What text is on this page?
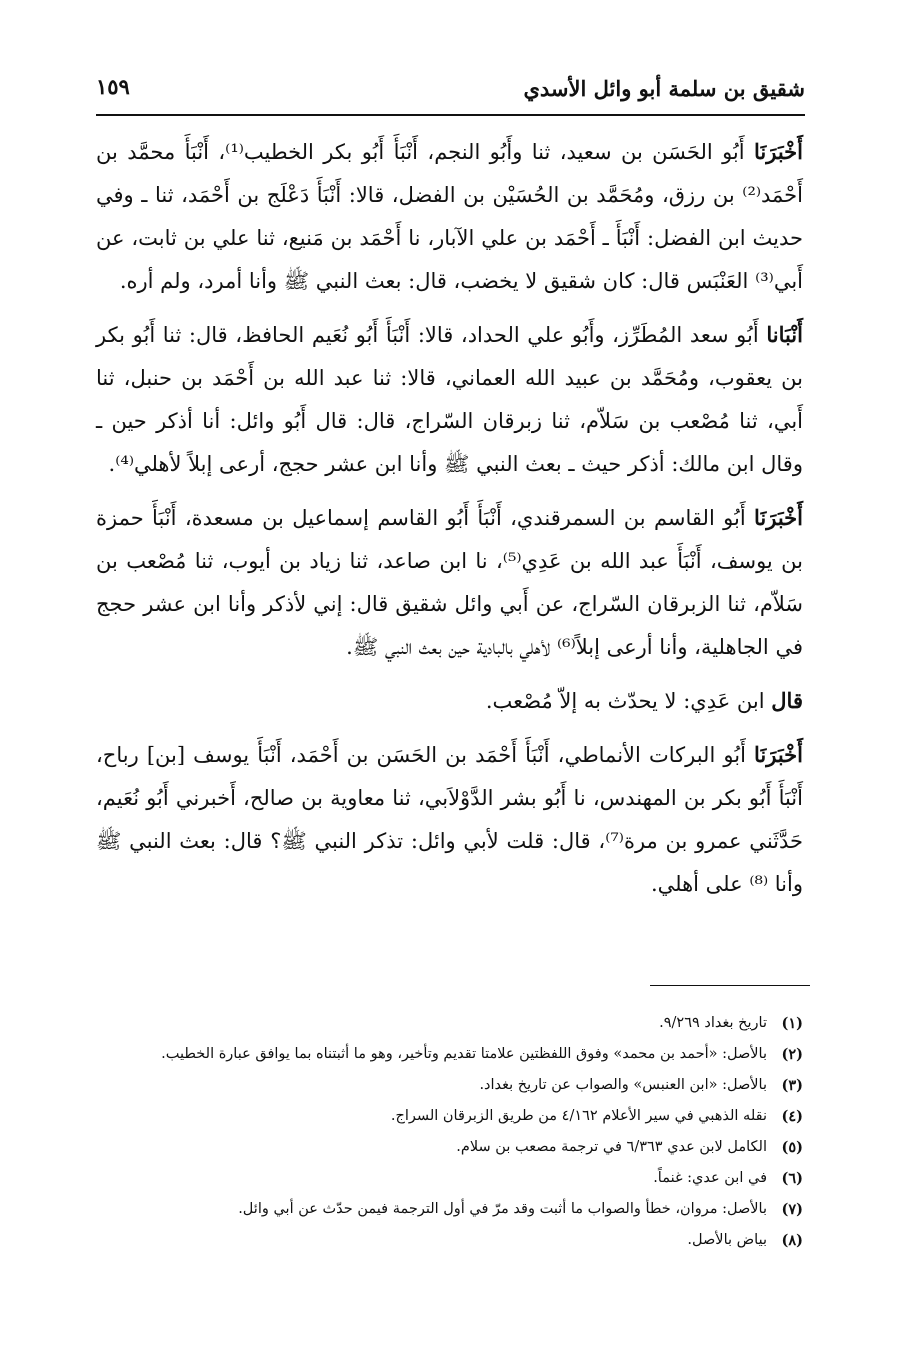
شقيق بن سلمة أبو وائل الأسدي
١٥٩

أَخْبَرَنَا أَبُو الحَسَن بن سعيد، ثنا وأَبُو النجم، أَنْبَأَ أَبُو بكر الخطيب⁽¹⁾، أَنْبَأَ محمَّد بن أَحْمَد⁽²⁾ بن رزق، ومُحَمَّد بن الحُسَيْن بن الفضل، قالا: أَنْبَأَ دَعْلَج بن أَحْمَد، ثنا ـ وفي حديث ابن الفضل: أَنْبَأَ ـ أَحْمَد بن علي الآبار، نا أَحْمَد بن مَنيع، ثنا علي بن ثابت، عن أَبي⁽³⁾ العَنْبَس قال: كان شقيق لا يخضب، قال: بعث النبي ﷺ وأنا أمرد، ولم أره.

أَنْبَانا أَبُو سعد المُطَرِّز، وأَبُو علي الحداد، قالا: أَنْبَأَ أَبُو نُعَيم الحافظ، قال: ثنا أَبُو بكر بن يعقوب، ومُحَمَّد بن عبيد الله العماني، قالا: ثنا عبد الله بن أَحْمَد بن حنبل، ثنا أَبي، ثنا مُصْعب بن سَلاّم، ثنا زبرقان السّراج، قال: قال أَبُو وائل: أنا أذكر حين ـ وقال ابن مالك: أذكر حيث ـ بعث النبي ﷺ وأنا ابن عشر حجج، أرعى إبلاً لأهلي⁽⁴⁾.

أَخْبَرَنَا أَبُو القاسم بن السمرقندي، أَنْبَأَ أَبُو القاسم إسماعيل بن مسعدة، أَنْبَأَ حمزة بن يوسف، أَنْبَأَ عبد الله بن عَدِي⁽⁵⁾، نا ابن صاعد، ثنا زياد بن أيوب، ثنا مُصْعب بن سَلاّم، ثنا الزبرقان السّراج، عن أَبي وائل شقيق قال: إني لأذكر وأنا ابن عشر حجج في الجاهلية، وأنا أرعى إبلاً⁽⁶⁾ لأهلي بالبادية حين بعث النبي ﷺ.

قال ابن عَدِي: لا يحدّث به إلاّ مُصْعب.

أَخْبَرَنَا أَبُو البركات الأنماطي، أَنْبَأَ أَحْمَد بن الحَسَن بن أَحْمَد، أَنْبَأَ يوسف [بن] رباح، أَنْبَأَ أَبُو بكر بن المهندس، نا أَبُو بشر الدَّوْلاَبي، ثنا معاوية بن صالح، أَخبرني أَبُو نُعَيم، حَدَّثَني عمرو بن مرة⁽⁷⁾، قال: قلت لأبي وائل: تذكر النبي ﷺ؟ قال: بعث النبي ﷺ وأنا ⁽⁸⁾ على أهلي.

(١)
تاريخ بغداد ٩/٢٦٩.
(٢)
بالأصل: «أحمد بن محمد» وفوق اللفظتين علامتا تقديم وتأخير، وهو ما أثبتناه بما يوافق عبارة الخطيب.
(٣)
بالأصل: «ابن العنبس» والصواب عن تاريخ بغداد.
(٤)
نقله الذهبي في سير الأعلام ٤/١٦٢ من طريق الزبرقان السراج.
(٥)
الكامل لابن عدي ٦/٣٦٣ في ترجمة مصعب بن سلام.
(٦)
في ابن عدي: غنماً.
(٧)
بالأصل: مروان، خطأ والصواب ما أثبت وقد مرّ في أول الترجمة فيمن حدّث عن أبي وائل.
(٨)
بياض بالأصل.
